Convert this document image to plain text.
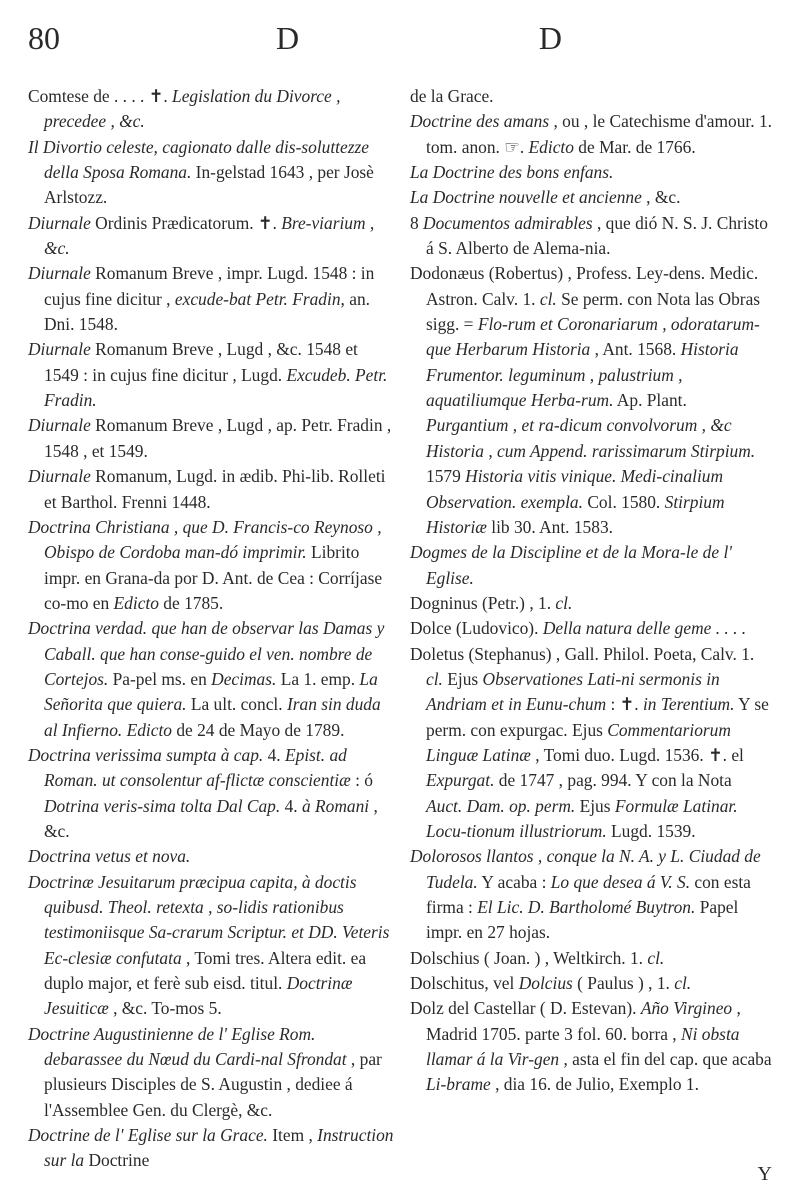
80	D	D

Comtese de . . . . ✝. Legislation du Divorce , precedee , &c.

Il Divortio celeste, cagionato dalle dis-soluttezze della Sposa Romana. In-gelstad 1643 , per Josè Arlstozz.

Diurnale Ordinis Prædicatorum. ✝. Bre-viarium , &c.

Diurnale Romanum Breve , impr. Lugd. 1548 : in cujus fine dicitur , excude-bat Petr. Fradin, an. Dni. 1548.

Diurnale Romanum Breve , Lugd , &c. 1548 et 1549 : in cujus fine dicitur , Lugd. Excudeb. Petr. Fradin.

Diurnale Romanum Breve , Lugd , ap. Petr. Fradin , 1548 , et 1549.

Diurnale Romanum, Lugd. in ædib. Phi-lib. Rolleti et Barthol. Frenni 1448.

Doctrina Christiana , que D. Francis-co Reynoso , Obispo de Cordoba man-dó imprimir. Librito impr. en Grana-da por D. Ant. de Cea : Corríjase co-mo en Edicto de 1785.

Doctrina verdad. que han de observar las Damas y Caball. que han conse-guido el ven. nombre de Cortejos. Pa-pel ms. en Decimas. La 1. emp. La Señorita que quiera. La ult. concl. Iran sin duda al Infierno. Edicto de 24 de Mayo de 1789.

Doctrina verissima sumpta à cap. 4. Epist. ad Roman. ut consolentur af-flictæ conscientiæ : ó Dotrina veris-sima tolta Dal Cap. 4. à Romani , &c.

Doctrina vetus et nova.

Doctrinæ Jesuitarum præcipua capita, à doctis quibusd. Theol. retexta , so-lidis rationibus testimoniisque Sa-crarum Scriptur. et DD. Veteris Ec-clesiæ confutata , Tomi tres. Altera edit. ea duplo major, et ferè sub eisd. titul. Doctrinæ Jesuiticæ , &c. To-mos 5.

Doctrine Augustinienne de l' Eglise Rom. debarassee du Nœud du Cardi-nal Sfrondat , par plusieurs Disciples de S. Augustin , dediee á l'Assemblee Gen. du Clergè, &c.

Doctrine de l' Eglise sur la Grace. Item , Instruction sur la Doctrine

de la Grace.

Doctrine des amans , ou , le Catechisme d'amour. 1. tom. anon. ☞. Edicto de Mar. de 1766.

La Doctrine des bons enfans.

La Doctrine nouvelle et ancienne , &c.

8 Documentos admirables , que dió N. S. J. Christo á S. Alberto de Alema-nia.

Dodonæus (Robertus) , Profess. Ley-dens. Medic. Astron. Calv. 1. cl. Se perm. con Nota las Obras sigg. = Flo-rum et Coronariarum , odoratarum-que Herbarum Historia , Ant. 1568. Historia Frumentor. leguminum , palustrium , aquatiliumque Herba-rum. Ap. Plant. Purgantium , et ra-dicum convolvorum , &c Historia , cum Append. rarissimarum Stirpium. 1579 Historia vitis vinique. Medi-cinalium Observation. exempla. Col. 1580. Stirpium Historiæ lib 30. Ant. 1583.

Dogmes de la Discipline et de la Mora-le de l' Eglise.

Dogninus (Petr.) , 1. cl.

Dolce (Ludovico). Della natura delle geme . . . .

Doletus (Stephanus) , Gall. Philol. Poeta, Calv. 1. cl. Ejus Observationes Lati-ni sermonis in Andriam et in Eunu-chum : ✝. in Terentium. Y se perm. con expurgac. Ejus Commentariorum Linguæ Latinæ , Tomi duo. Lugd. 1536. ✝. el Expurgat. de 1747 , pag. 994. Y con la Nota Auct. Dam. op. perm. Ejus Formulæ Latinar. Locu-tionum illustriorum. Lugd. 1539.

Dolorosos llantos , conque la N. A. y L. Ciudad de Tudela. Y acaba : Lo que desea á V. S. con esta firma : El Lic. D. Bartholomé Buytron. Papel impr. en 27 hojas.

Dolschius ( Joan. ) , Weltkirch. 1. cl.

Dolschitus, vel Dolcius ( Paulus ) , 1. cl.

Dolz del Castellar ( D. Estevan). Año Virgineo , Madrid 1705. parte 3 fol. 60. borra , Ni obsta llamar á la Vir-gen , asta el fin del cap. que acaba Li-brame , dia 16. de Julio, Exemplo 1.

Y
